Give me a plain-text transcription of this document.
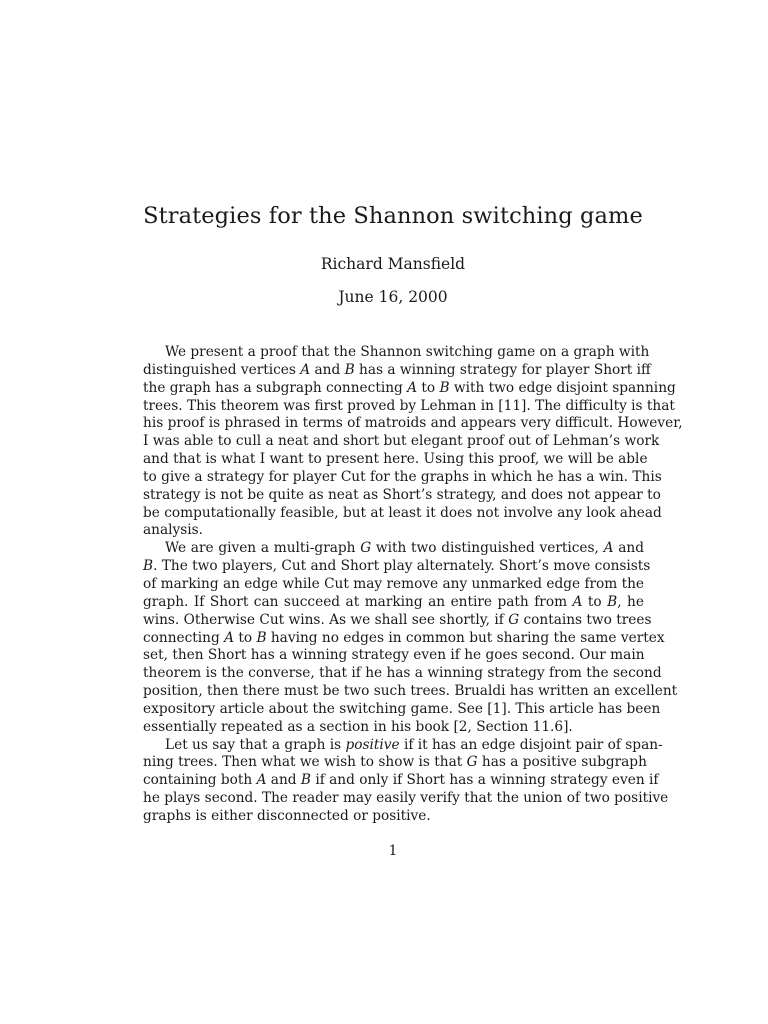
Strategies for the Shannon switching game
Richard Mansfield
June 16, 2000
We present a proof that the Shannon switching game on a graph with
distinguished vertices A and B has a winning strategy for player Short iff
the graph has a subgraph connecting A to B with two edge disjoint spanning
trees. This theorem was first proved by Lehman in [11]. The difficulty is that
his proof is phrased in terms of matroids and appears very difficult. However,
I was able to cull a neat and short but elegant proof out of Lehman’s work
and that is what I want to present here. Using this proof, we will be able
to give a strategy for player Cut for the graphs in which he has a win. This
strategy is not be quite as neat as Short’s strategy, and does not appear to
be computationally feasible, but at least it does not involve any look ahead
analysis.
We are given a multi-graph G with two distinguished vertices, A and
B. The two players, Cut and Short play alternately. Short’s move consists
of marking an edge while Cut may remove any unmarked edge from the
graph. If Short can succeed at marking an entire path from A to B, he
wins. Otherwise Cut wins. As we shall see shortly, if G contains two trees
connecting A to B having no edges in common but sharing the same vertex
set, then Short has a winning strategy even if he goes second. Our main
theorem is the converse, that if he has a winning strategy from the second
position, then there must be two such trees. Brualdi has written an excellent
expository article about the switching game. See [1]. This article has been
essentially repeated as a section in his book [2, Section 11.6].
Let us say that a graph is positive if it has an edge disjoint pair of span-
ning trees. Then what we wish to show is that G has a positive subgraph
containing both A and B if and only if Short has a winning strategy even if
he plays second. The reader may easily verify that the union of two positive
graphs is either disconnected or positive.
1
